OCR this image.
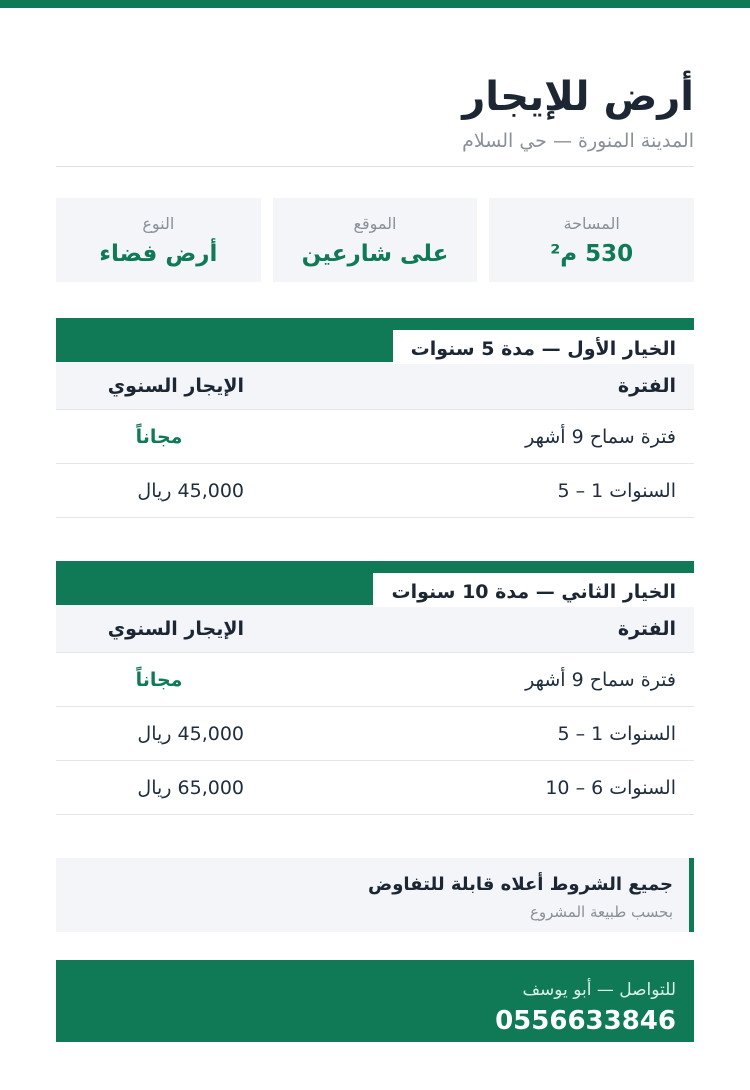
أرض للإيجار
المدينة المنورة — حي السلام
المساحة
530 م²
الموقع
على شارعين
النوع
أرض فضاء
الخيار الأول — مدة 5 سنوات
الفترة
الإيجار السنوي
فترة سماح 9 أشهر
مجاناً
السنوات 1 – 5
45,000 ريال
الخيار الثاني — مدة 10 سنوات
الفترة
الإيجار السنوي
فترة سماح 9 أشهر
مجاناً
السنوات 1 – 5
45,000 ريال
السنوات 6 – 10
65,000 ريال
جميع الشروط أعلاه قابلة للتفاوض
بحسب طبيعة المشروع
للتواصل — أبو يوسف
0556633846
